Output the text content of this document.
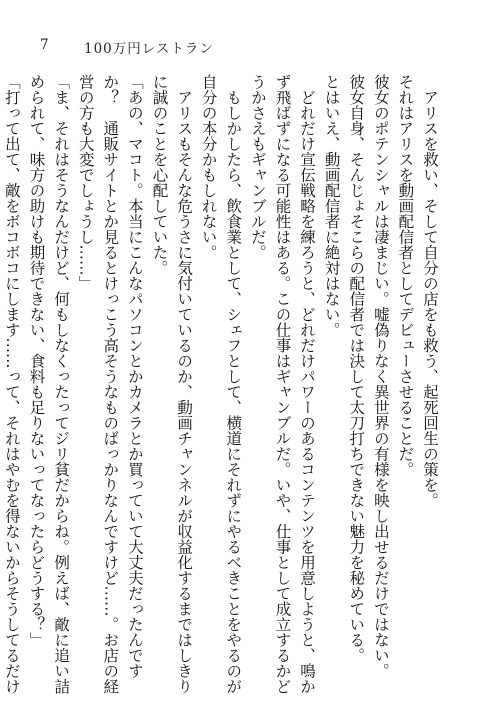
7	100万円レストラン
アリスを救い、そして自分の店をも救う、起死回生の策を。
それはアリスを動画配信者としてデビューさせることだ。
彼女のポテンシャルは凄まじい。嘘偽りなく異世界の有様を映し出せるだけではない。
彼女自身、そんじょそこらの配信者では決して太刀打ちできない魅力を秘めている。
とはいえ、動画配信者に絶対はない。
どれだけ宣伝戦略を練ろうと、どれだけパワーのあるコンテンツを用意しようと、鳴か
ず飛ばずになる可能性はある。この仕事はギャンブルだ。いや、仕事として成立するかど
うかさえもギャンブルだ。
もしかしたら、飲食業として、シェフとして、横道にそれずにやるべきことをやるのが
自分の本分かもしれない。
アリスもそんな危うさに気付いているのか、動画チャンネルが収益化するまではしきり
に誠のことを心配していた。
「あの、マコト。本当にこんなパソコンとかカメラとか買っていて大丈夫だったんです
か？　通販サイトとか見るとけっこう高そうなものばっかりなんですけど……。お店の経
営の方も大変でしょうし……」
「ま、それはそうなんだけど、何もしなくったってジリ貧だからね。例えば、敵に追い詰
められて、味方の助けも期待できない、食料も足りないってなったらどうする？」
「打って出て、敵をボコボコにします……って、それはやむを得ないからそうしてるだけ
